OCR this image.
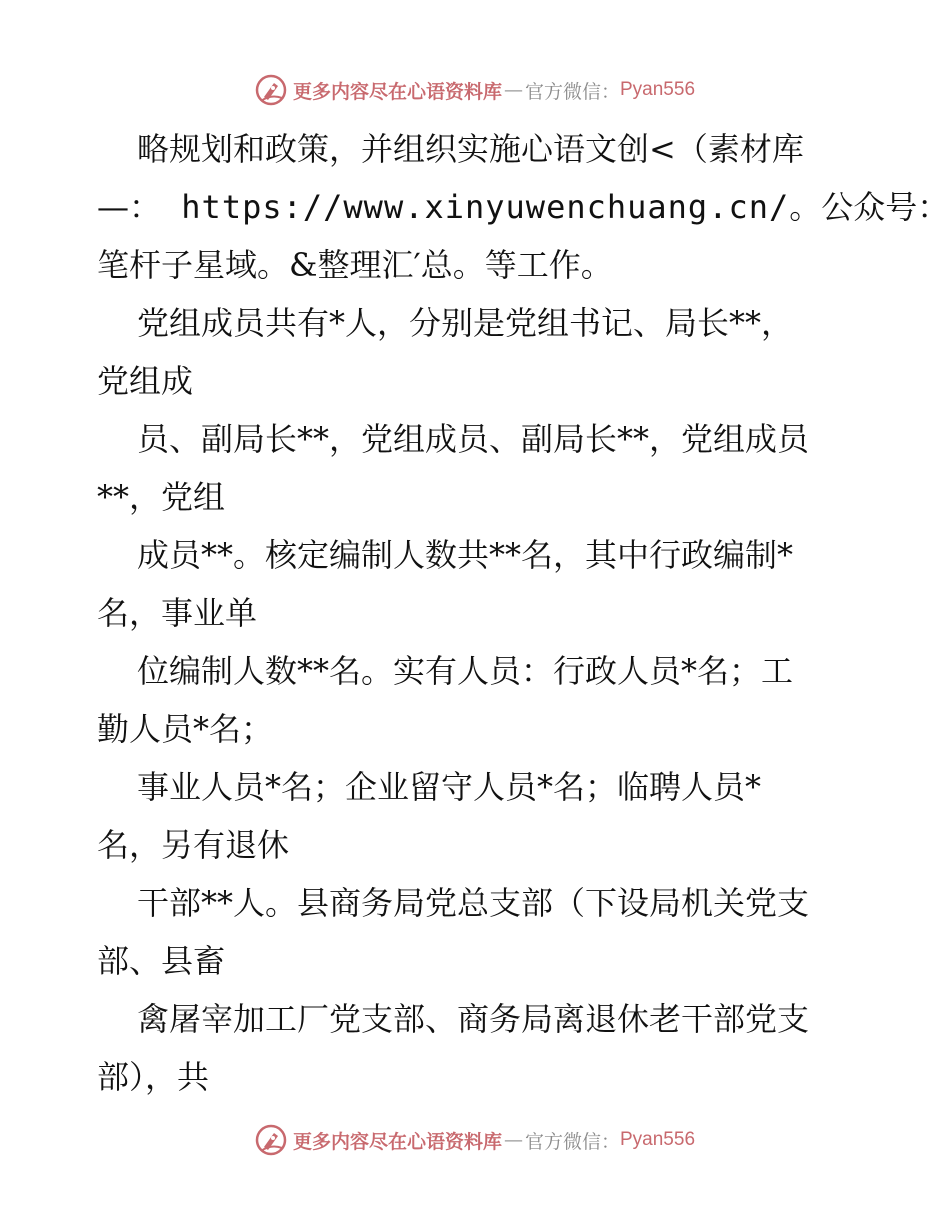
更多内容尽在心语资料库 — 官方微信： Pyan556
略规划和政策，并组织实施心语文创<（素材库
—： https://www.xinyuwenchuang.cn/。公众号：
笔杆子星域。&整理汇′总。等工作。
党组成员共有*人，分别是党组书记、局长**，
党组成
员、副局长**，党组成员、副局长**，党组成员
**，党组
成员**。核定编制人数共**名，其中行政编制*
名，事业单
位编制人数**名。实有人员：行政人员*名；工
勤人员*名；
事业人员*名；企业留守人员*名；临聘人员*
名，另有退休
干部**人。县商务局党总支部（下设局机关党支
部、县畜
禽屠宰加工厂党支部、商务局离退休老干部党支
部），共
更多内容尽在心语资料库 — 官方微信： Pyan556
